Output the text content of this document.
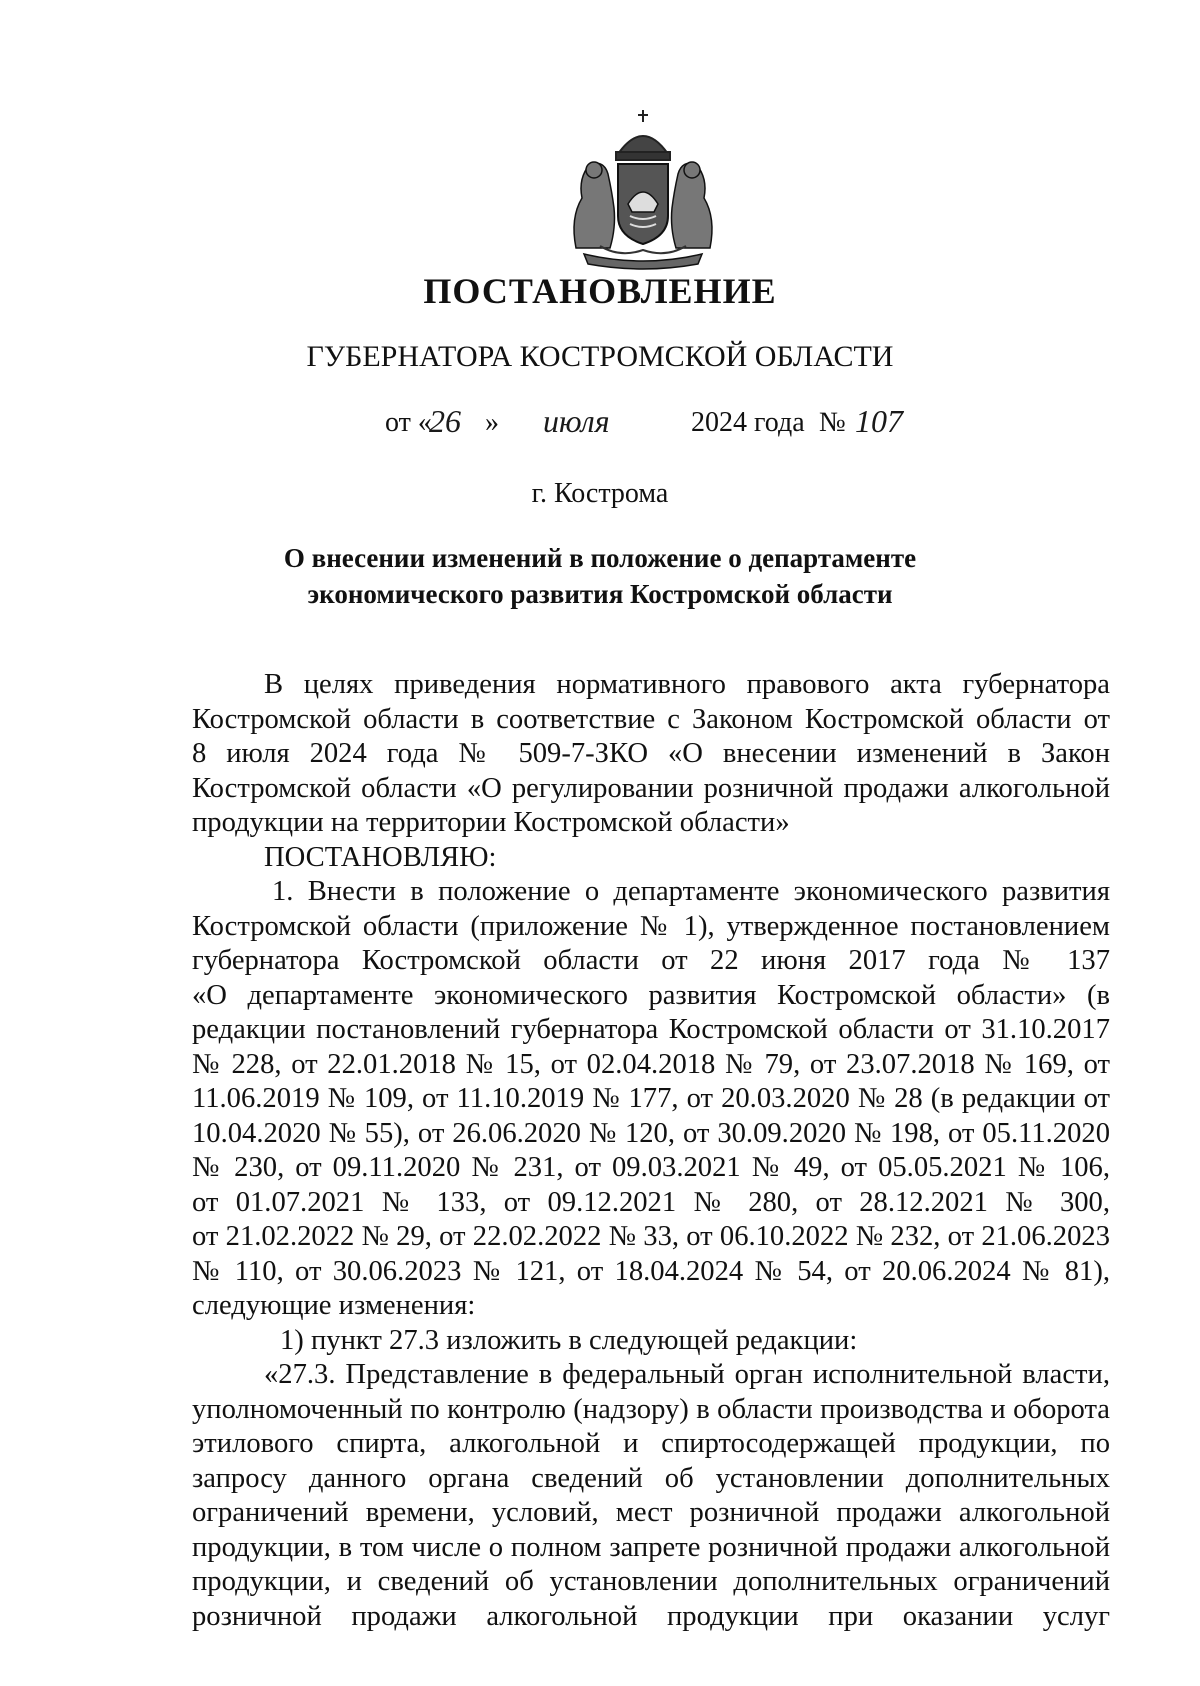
ПОСТАНОВЛЕНИЕ
ГУБЕРНАТОРА КОСТРОМСКОЙ ОБЛАСТИ
от «
26 » июля	2024 года № 107
г. Кострома
О внесении изменений в положение о департаменте
экономического развития Костромской области
В целях приведения нормативного правового акта губернатора
Костромской области в соответствие с Законом Костромской области от
8 июля 2024 года № 509-7-ЗКО «О внесении изменений в Закон
Костромской области «О регулировании розничной продажи алкогольной
продукции на территории Костромской области»
ПОСТАНОВЛЯЮ:
1. Внести в положение о департаменте экономического развития
Костромской области (приложение № 1), утвержденное постановлением
губернатора Костромской области от 22 июня 2017 года № 137
«О департаменте экономического развития Костромской области» (в
редакции постановлений губернатора Костромской области от 31.10.2017
№ 228, от 22.01.2018 № 15, от 02.04.2018 № 79, от 23.07.2018 № 169, от
11.06.2019 № 109, от 11.10.2019 № 177, от 20.03.2020 № 28 (в редакции от
10.04.2020 № 55), от 26.06.2020 № 120, от 30.09.2020 № 198, от 05.11.2020
№ 230, от 09.11.2020 № 231, от 09.03.2021 № 49, от 05.05.2021 № 106,
от 01.07.2021 № 133, от 09.12.2021 № 280, от 28.12.2021 № 300,
от 21.02.2022 № 29, от 22.02.2022 № 33, от 06.10.2022 № 232, от 21.06.2023
№ 110, от 30.06.2023 № 121, от 18.04.2024 № 54, от 20.06.2024 № 81),
следующие изменения:
1) пункт 27.3 изложить в следующей редакции:
«27.3. Представление в федеральный орган исполнительной власти,
уполномоченный по контролю (надзору) в области производства и оборота
этилового спирта, алкогольной и спиртосодержащей продукции, по
запросу данного органа сведений об установлении дополнительных
ограничений времени, условий, мест розничной продажи алкогольной
продукции, в том числе о полном запрете розничной продажи алкогольной
продукции, и сведений об установлении дополнительных ограничений
розничной продажи алкогольной продукции при оказании услуг
